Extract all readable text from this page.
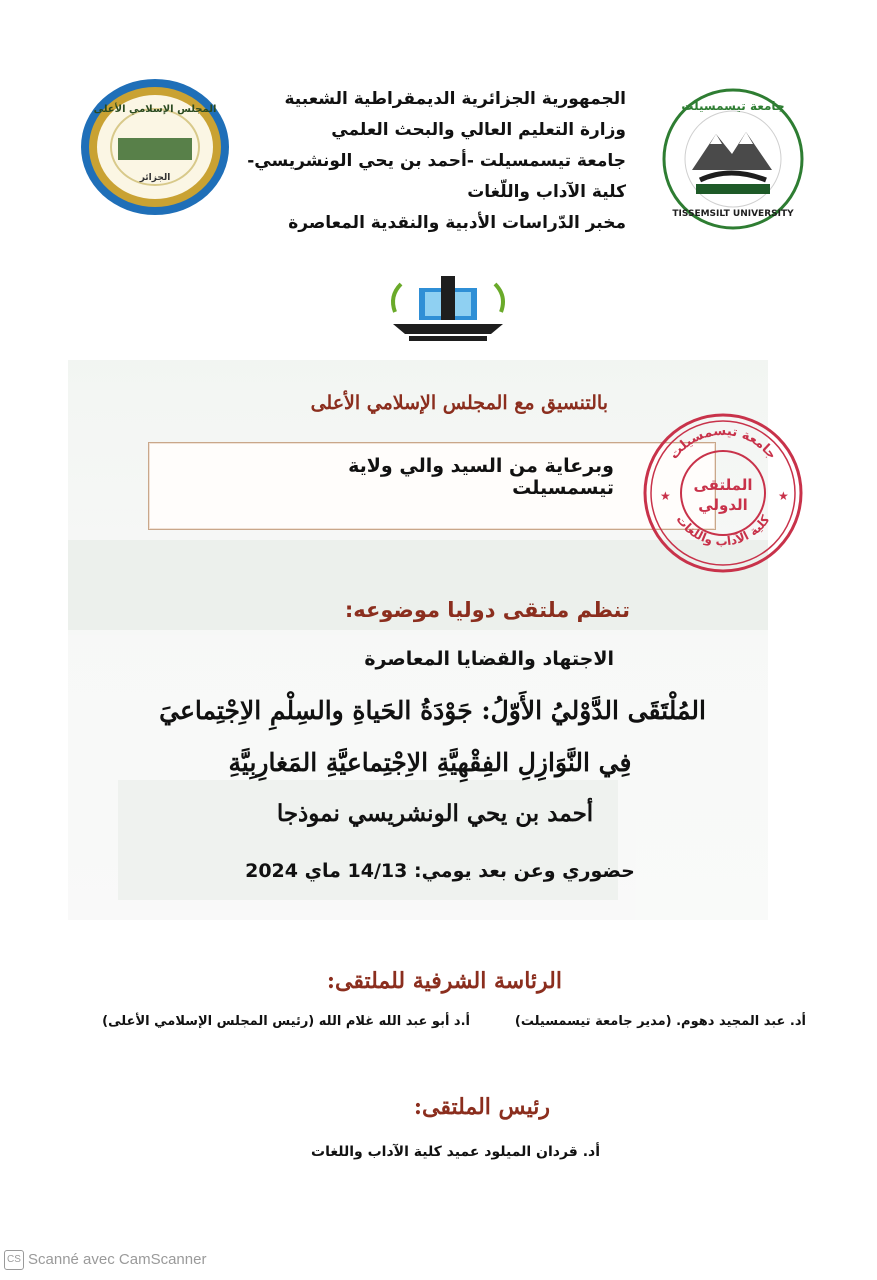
المجلس الإسلامي الأعلى
الجزائر
جامعة تيسمسيلت
TISSEMSILT UNIVERSITY
الجمهورية الجزائرية الديمقراطية الشعبية
وزارة التعليم العالي والبحث العلمي
جامعة تيسمسيلت -أحمد بن يحي الونشريسي-
كلية الآداب واللّغات
مخبر الدّراسات الأدبية والنقدية المعاصرة
بالتنسيق مع المجلس الإسلامي الأعلى
وبرعاية من السيد والي ولاية تيسمسيلت
جامعة تيسمسيلت
كلية الآداب واللغات
الملتقى
الدولي
★	★
تنظم ملتقى دوليا موضوعه:
الاجتهاد والقضايا المعاصرة
المُلْتَقَى الدَّوْليُ الأَوّلُ: جَوْدَةُ الحَياةِ والسِلْمِ الاِجْتِماعيَ
فِي النَّوَازِلِ الفِقْهِيَّةِ الاِجْتِماعيَّةِ المَغارِبِيَّةِ
أحمد بن يحي الونشريسي نموذجا
حضوري وعن بعد يومي: 14/13 ماي 2024
الرئاسة الشرفية للملتقى:
أد. عبد المجيد دهوم. (مدير جامعة تيسمسيلت)
أ.د أبو عبد الله غلام الله (رئيس المجلس الإسلامي الأعلى)
رئيس الملتقى:
أد. قردان الميلود عميد كلية الآداب واللغات
CS Scanné avec CamScanner
